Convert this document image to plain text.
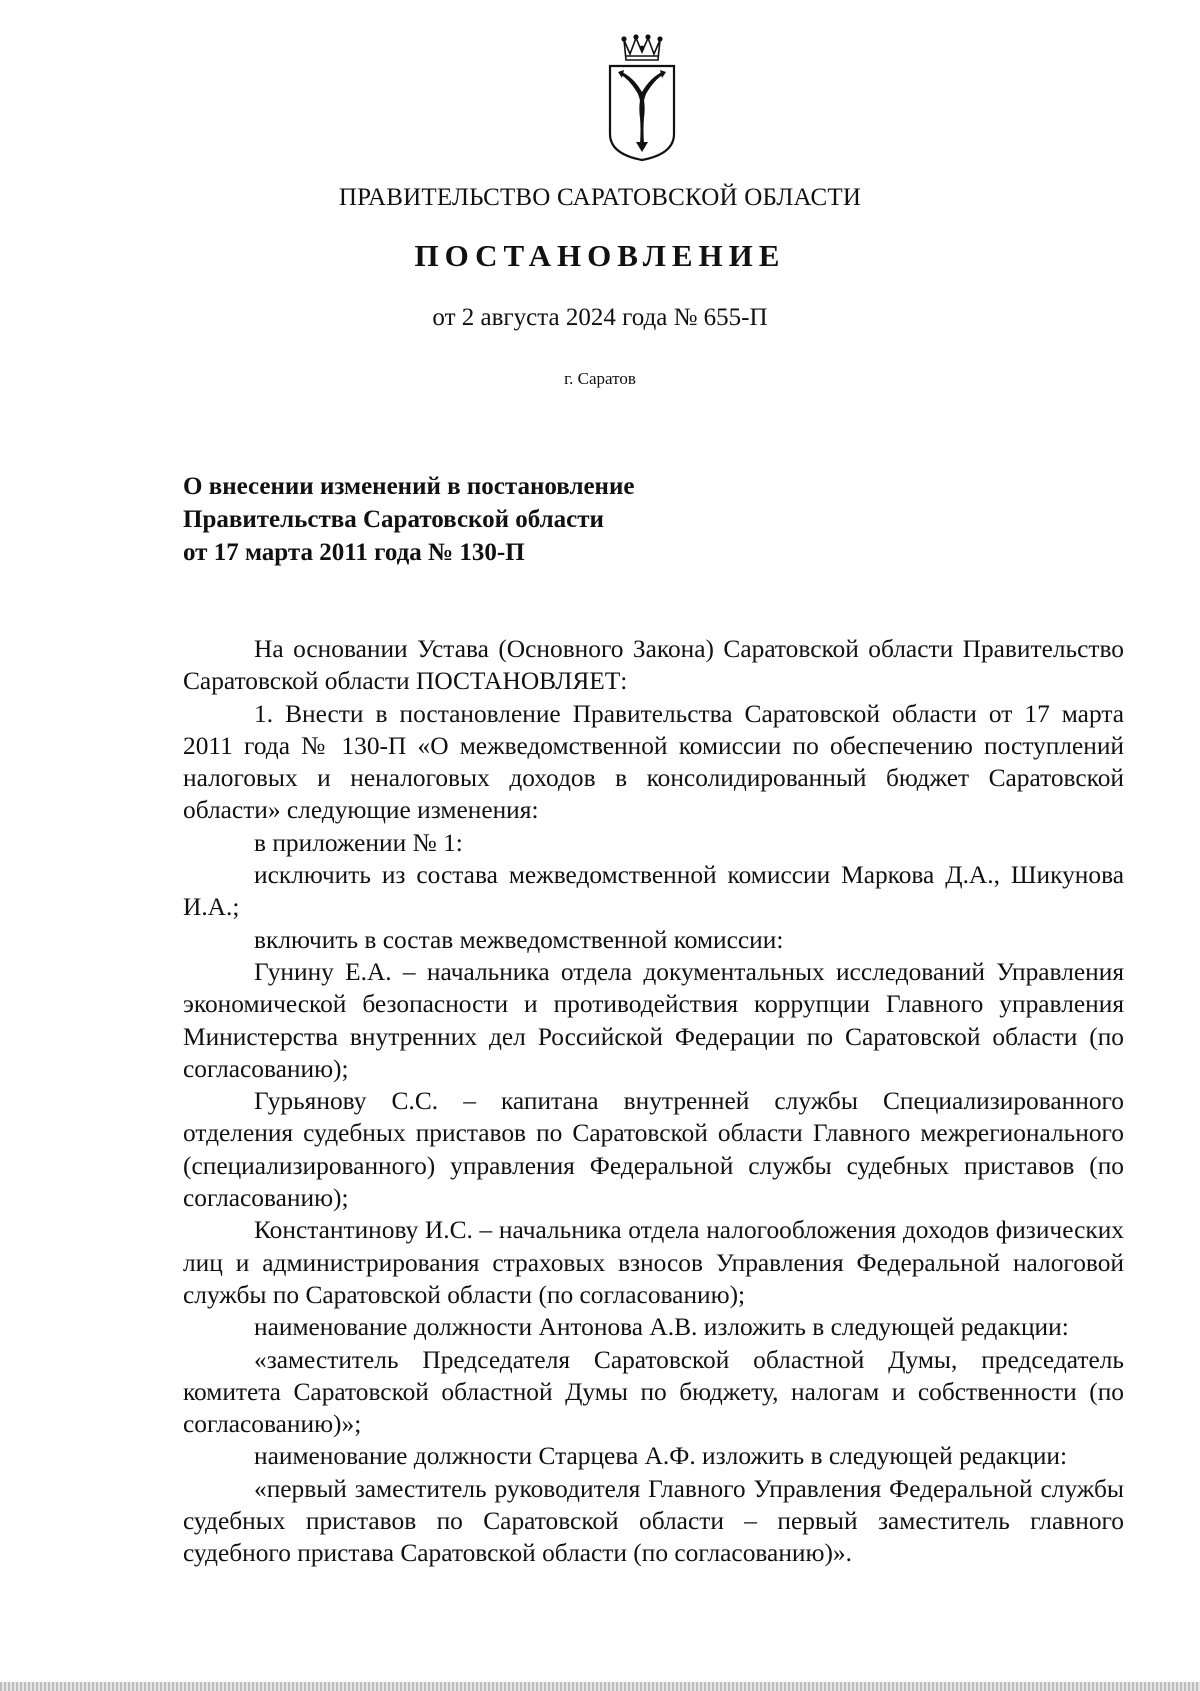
ПРАВИТЕЛЬСТВО САРАТОВСКОЙ ОБЛАСТИ
ПОСТАНОВЛЕНИЕ
от 2 августа 2024 года № 655-П
г. Саратов
О внесении изменений в постановление
Правительства Саратовской области
от 17 марта 2011 года № 130-П

На основании Устава (Основного Закона) Саратовской области Правительство Саратовской области ПОСТАНОВЛЯЕТ:

1. Внести в постановление Правительства Саратовской области от 17 марта 2011 года № 130-П «О межведомственной комиссии по обеспечению поступлений налоговых и неналоговых доходов в консолидированный бюджет Саратовской области» следующие изменения:

в приложении № 1:

исключить из состава межведомственной комиссии Маркова Д.А., Шикунова И.А.;

включить в состав межведомственной комиссии:

Гунину Е.А. – начальника отдела документальных исследований Управления экономической безопасности и противодействия коррупции Главного управления Министерства внутренних дел Российской Федерации по Саратовской области (по согласованию);

Гурьянову С.С. – капитана внутренней службы Специализированного отделения судебных приставов по Саратовской области Главного межрегионального (специализированного) управления Федеральной службы судебных приставов (по согласованию);

Константинову И.С. – начальника отдела налогообложения доходов физических лиц и администрирования страховых взносов Управления Федеральной налоговой службы по Саратовской области (по согласованию);

наименование должности Антонова А.В. изложить в следующей редакции:

«заместитель Председателя Саратовской областной Думы, председатель комитета Саратовской областной Думы по бюджету, налогам и собственности (по согласованию)»;

наименование должности Старцева А.Ф. изложить в следующей редакции:

«первый заместитель руководителя Главного Управления Федеральной службы судебных приставов по Саратовской области – первый заместитель главного судебного пристава Саратовской области (по согласованию)».
